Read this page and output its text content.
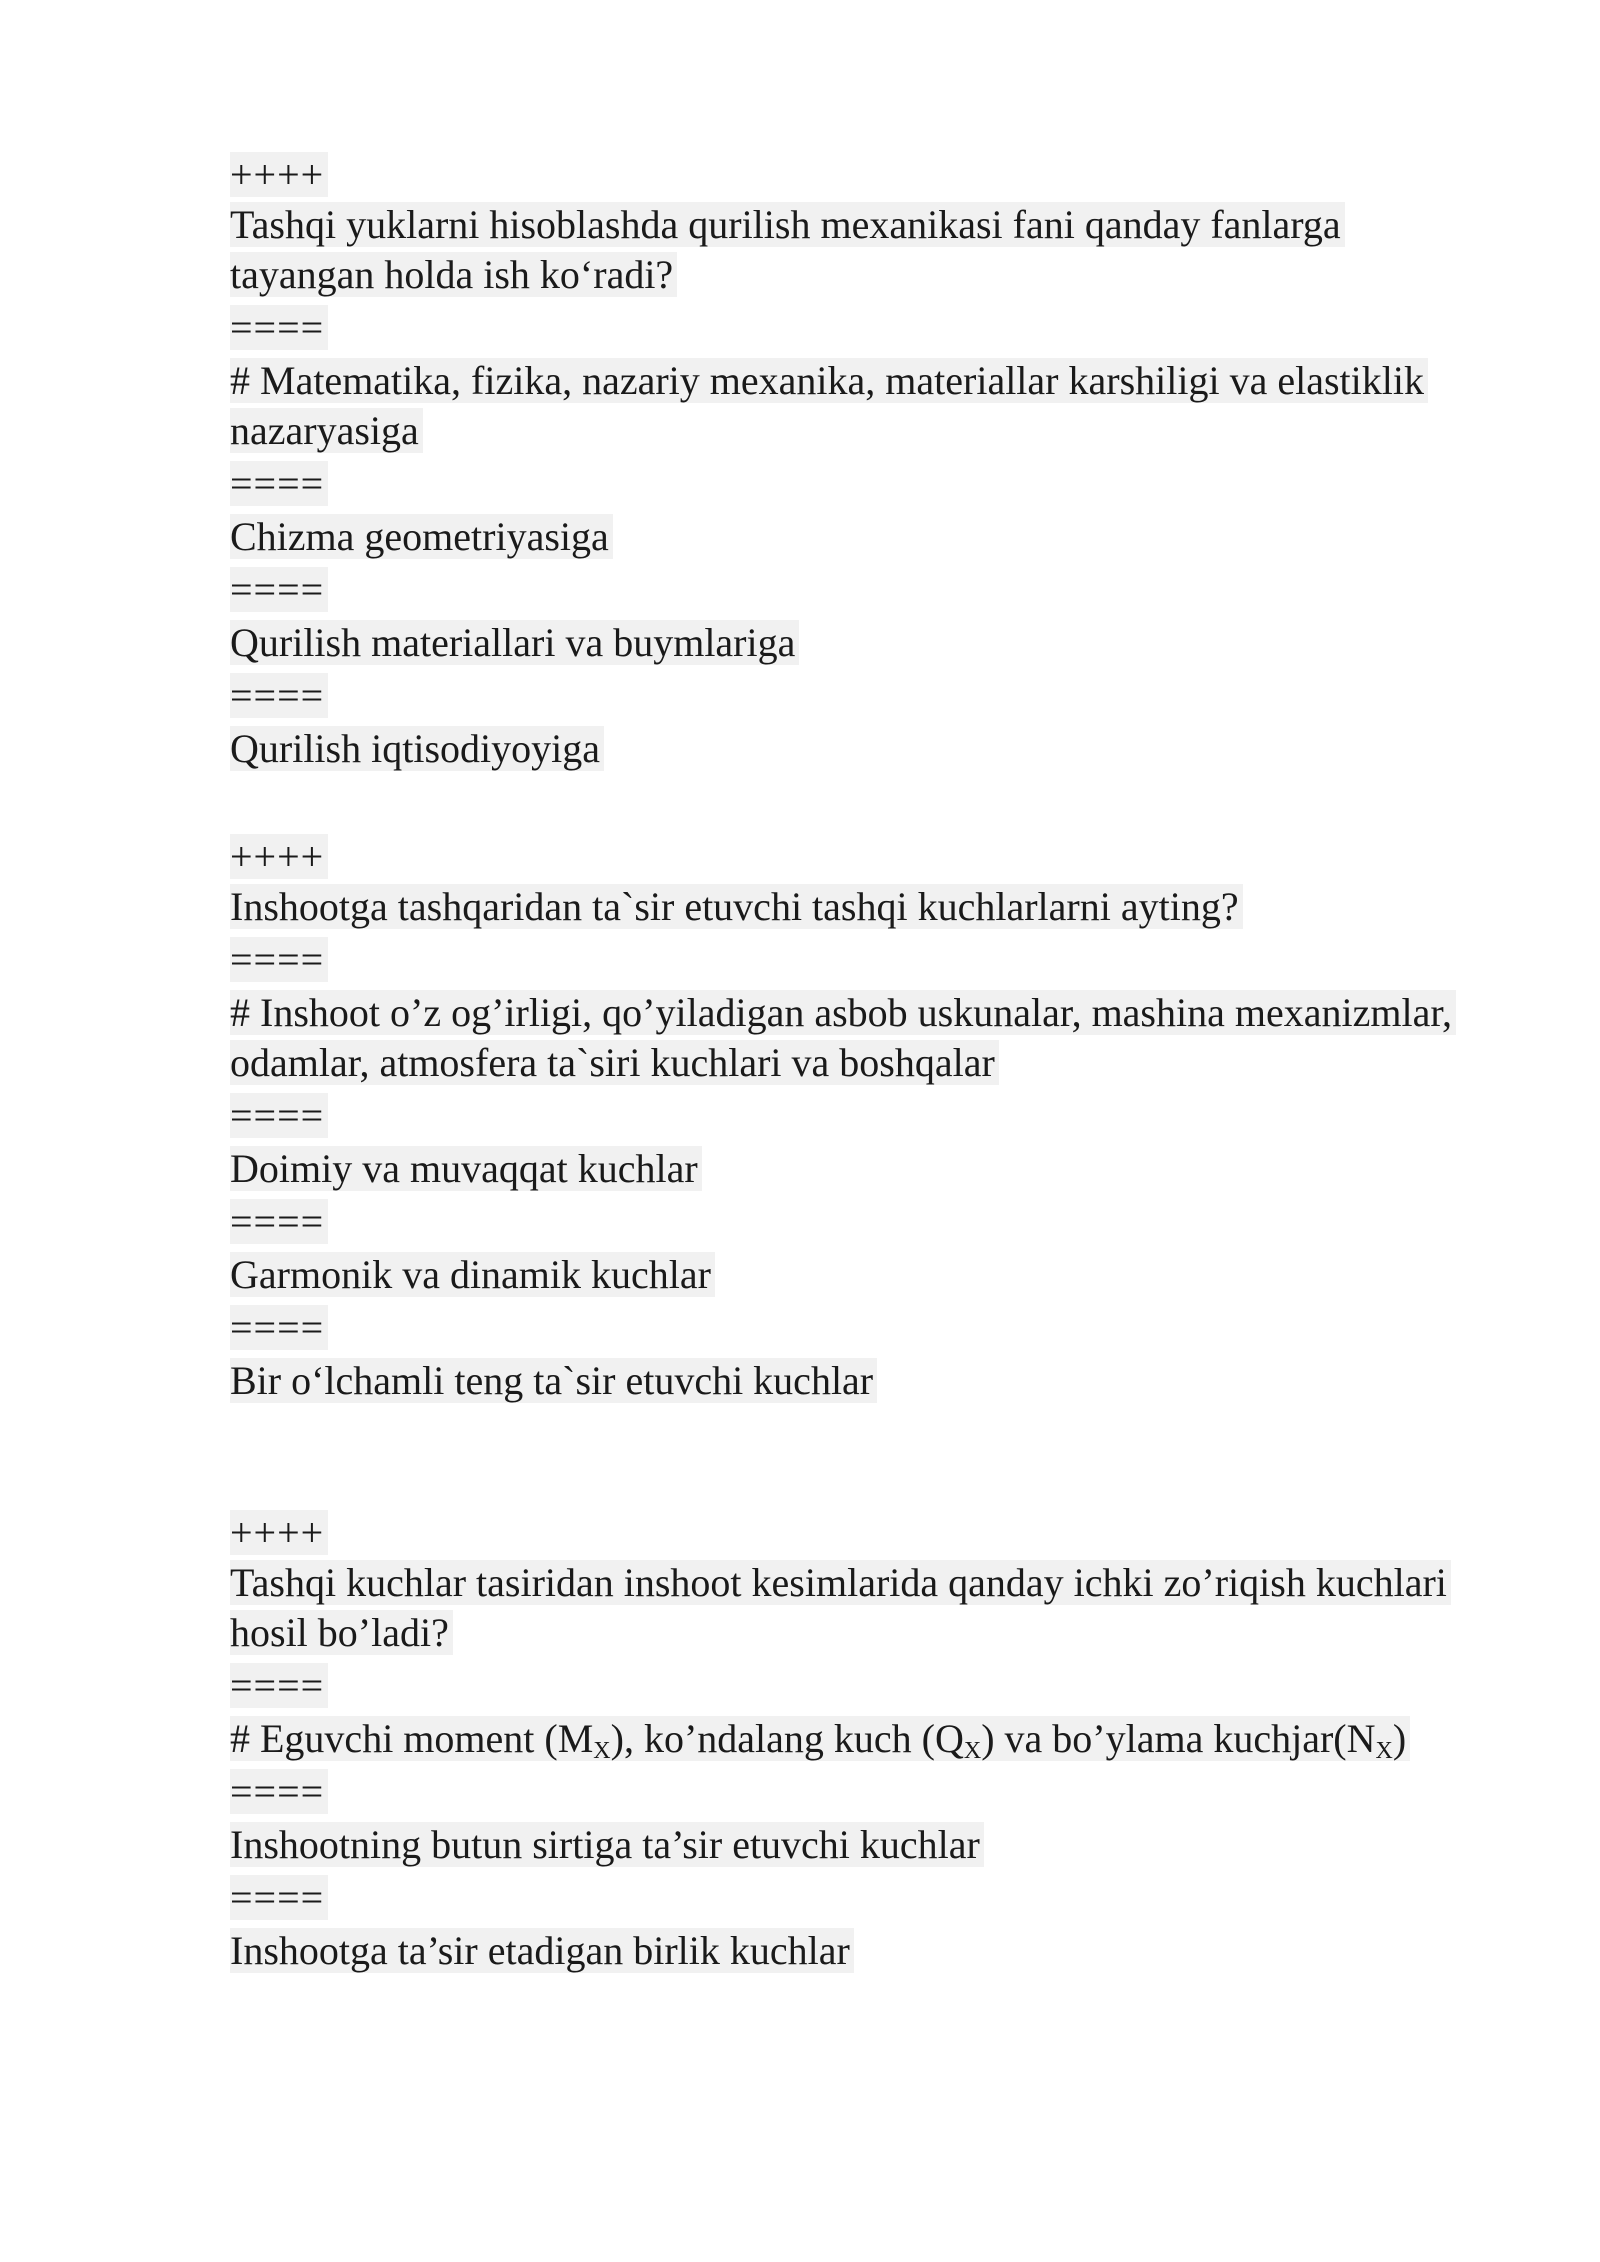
++++
Tashqi yuklarni hisoblashda qurilish mexanikasi fani qanday fanlarga tayangan holda ish ko‘radi?
====
# Matematika, fizika, nazariy mexanika, materiallar karshiligi va elastiklik nazaryasiga
====
Chizma geometriyasiga
====
Qurilish materiallari va buymlariga
====
Qurilish iqtisodiyoyiga
++++
Inshootga tashqaridan ta`sir etuvchi tashqi kuchlarlarni ayting?
====
# Inshoot o’z og’irligi, qo’yiladigan asbob uskunalar, mashina mexanizmlar, odamlar, atmosfera ta`siri kuchlari va boshqalar
====
Doimiy va muvaqqat kuchlar
====
Garmonik va dinamik kuchlar
====
Bir o‘lchamli teng ta`sir etuvchi kuchlar
++++
Tashqi kuchlar tasiridan inshoot kesimlarida qanday ichki zo’riqish kuchlari hosil bo’ladi?
====
# Eguvchi moment $(M_X)$, ko’ndalang kuch $(Q_X)$ va bo’ylama $kuchjar(N_X)$
====
Inshootning butun sirtiga ta’sir etuvchi kuchlar
====
Inshootga ta’sir etadigan birlik kuchlar
